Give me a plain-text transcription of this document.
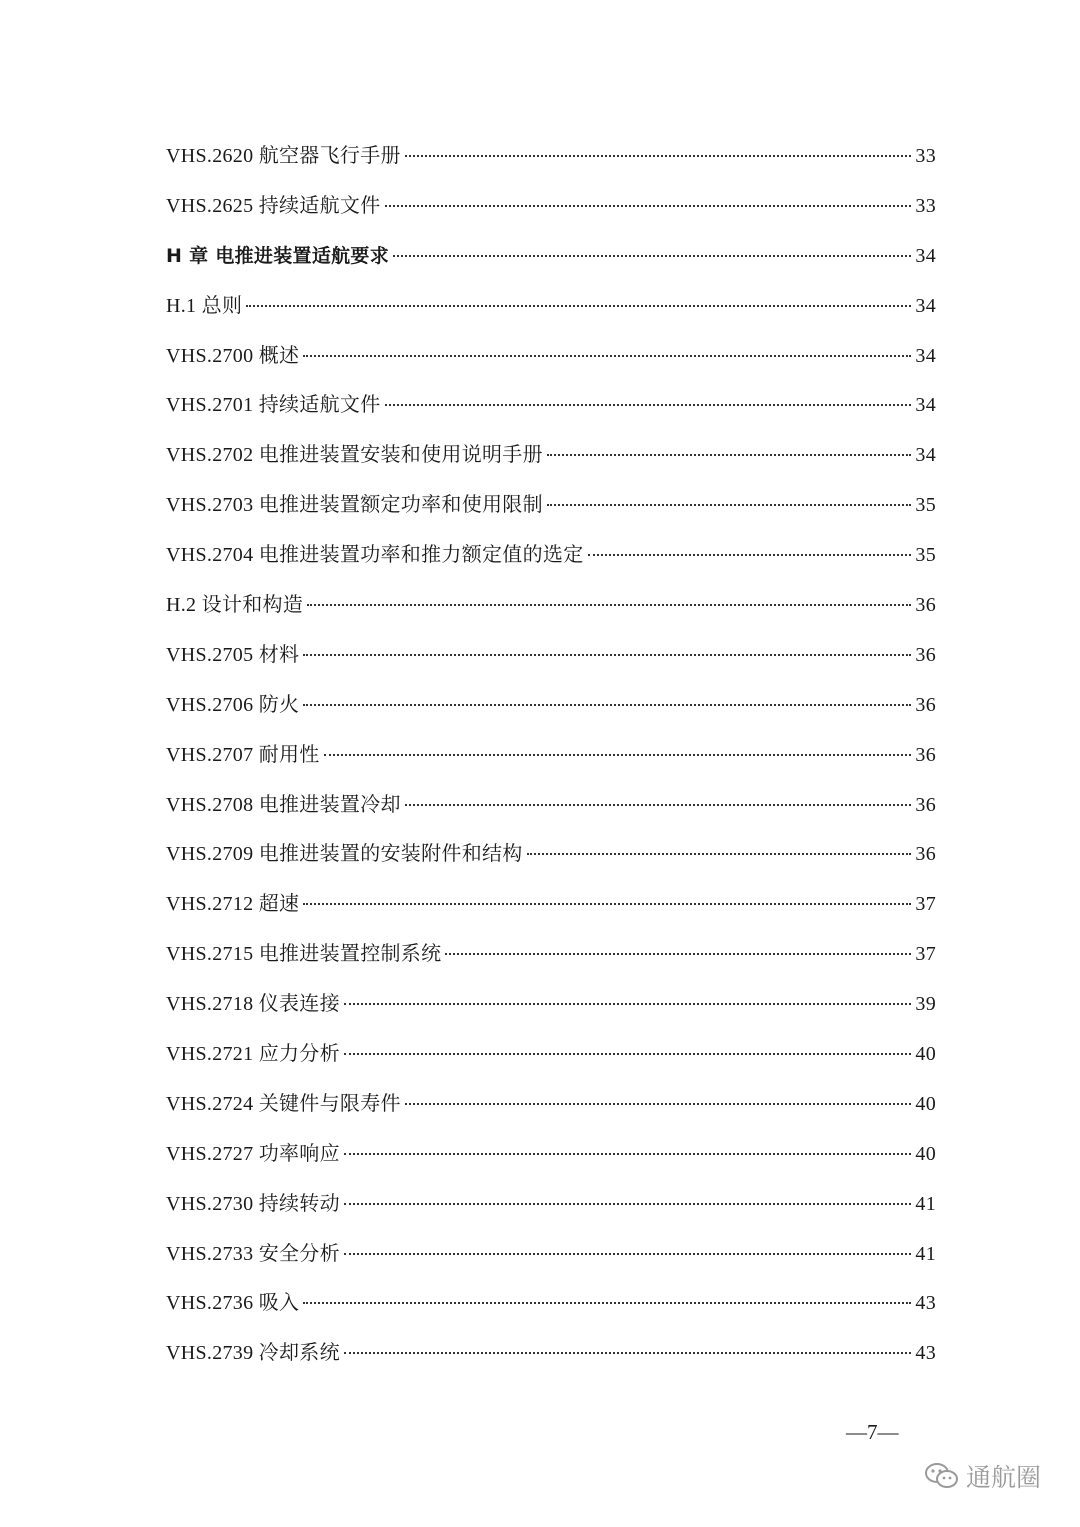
VHS.2620 航空器飞行手册	33
VHS.2625 持续适航文件	33
H 章 电推进装置适航要求	34
H.1 总则	34
VHS.2700 概述	34
VHS.2701 持续适航文件	34
VHS.2702 电推进装置安装和使用说明手册	34
VHS.2703 电推进装置额定功率和使用限制	35
VHS.2704 电推进装置功率和推力额定值的选定	35
H.2 设计和构造	36
VHS.2705 材料	36
VHS.2706 防火	36
VHS.2707 耐用性	36
VHS.2708 电推进装置冷却	36
VHS.2709 电推进装置的安装附件和结构	36
VHS.2712 超速	37
VHS.2715 电推进装置控制系统	37
VHS.2718 仪表连接	39
VHS.2721 应力分析	40
VHS.2724 关键件与限寿件	40
VHS.2727 功率响应	40
VHS.2730 持续转动	41
VHS.2733 安全分析	41
VHS.2736 吸入	43
VHS.2739 冷却系统	43
—7—
通航圈
